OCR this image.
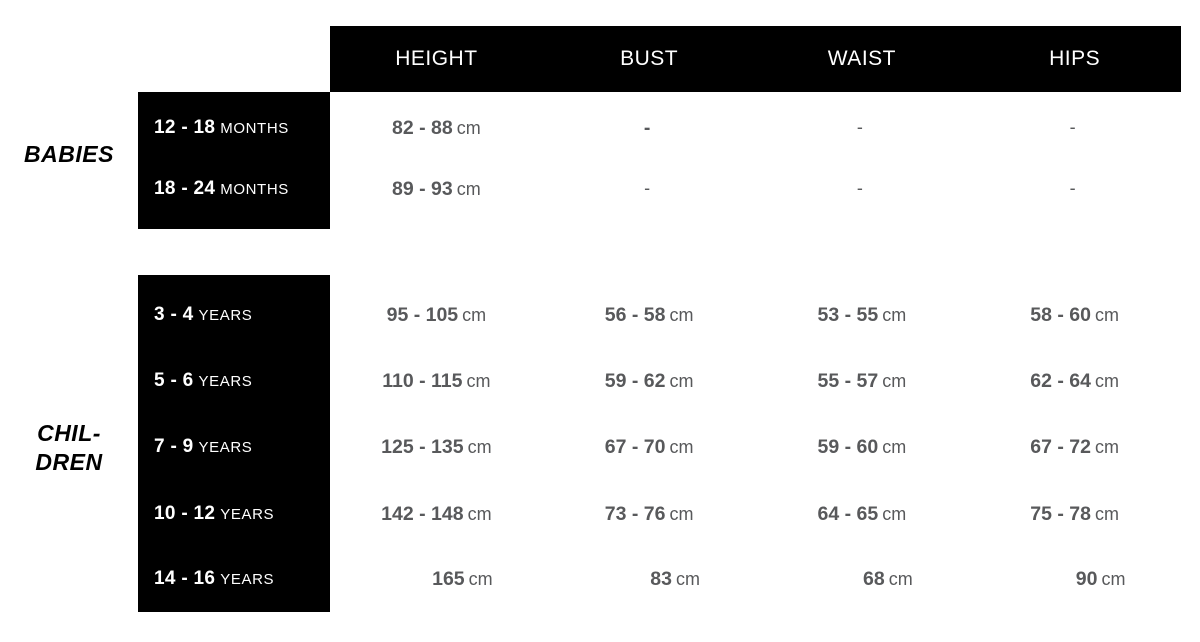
HEIGHT	BUST	WAIST	HIPS
BABIES
CHIL-
DREN
12 - 18 MONTHS	82 - 88 cm	-	-	-
18 - 24 MONTHS	89 - 93 cm	-	-	-
3 - 4 YEARS	95 - 105 cm	56 - 58 cm	53 - 55 cm	58 - 60 cm
5 - 6 YEARS	110 - 115 cm	59 - 62 cm	55 - 57 cm	62 - 64 cm
7 - 9 YEARS	125 - 135 cm	67 - 70 cm	59 - 60 cm	67 - 72 cm
10 - 12 YEARS	142 - 148 cm	73 - 76 cm	64 - 65 cm	75 - 78 cm
14 - 16 YEARS	165 cm	83 cm	68 cm	90 cm
